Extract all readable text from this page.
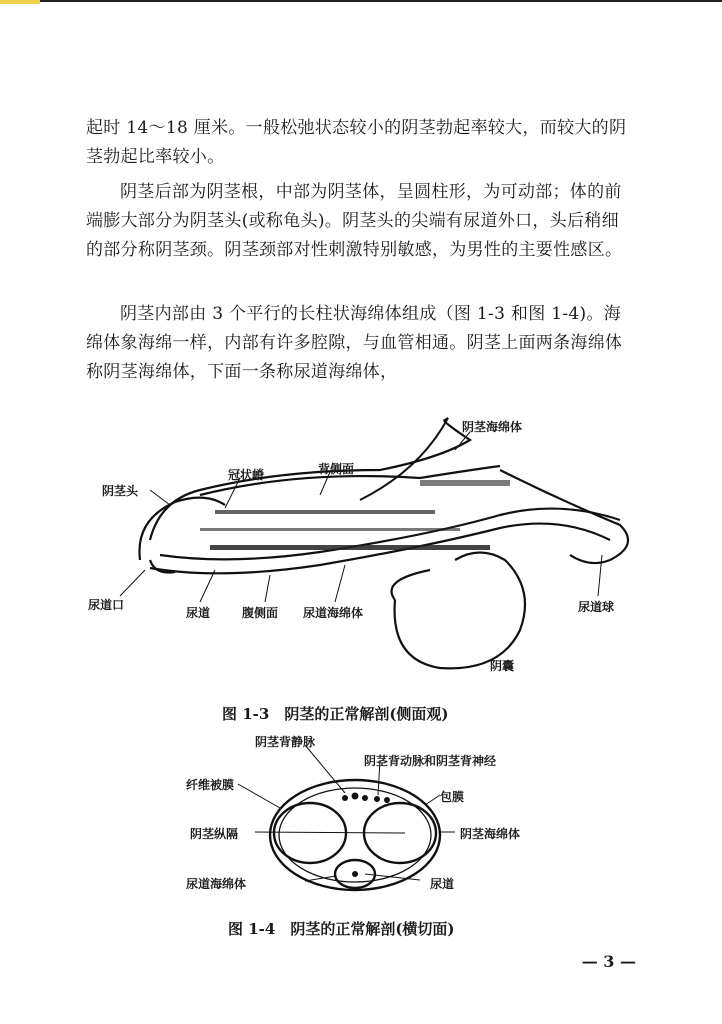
起时 14～18 厘米。一般松弛状态较小的阴茎勃起率较大，而较大的阴茎勃起比率较小。

阴茎后部为阴茎根，中部为阴茎体，呈圆柱形，为可动部；体的前端膨大部分为阴茎头(或称龟头)。阴茎头的尖端有尿道外口，头后稍细的部分称阴茎颈。阴茎颈部对性刺激特别敏感，为男性的主要性感区。

阴茎内部由 3 个平行的长柱状海绵体组成（图 1-3 和图 1-4)。海绵体象海绵一样，内部有许多腔隙，与血管相通。阴茎上面两条海绵体称阴茎海绵体，下面一条称尿道海绵体，

阴茎海绵体
冠状嵴	背侧面
阴茎头
尿道口
尿道	腹侧面 尿道海绵体	尿道球
阴囊
图 1-3　阴茎的正常解剖(侧面观)
阴茎背静脉
阴茎背动脉和阴茎背神经
纤维被膜
包膜
阴茎纵隔	阴茎海绵体
尿道海绵体	尿道
图 1-4　阴茎的正常解剖(横切面)
— 3 —
